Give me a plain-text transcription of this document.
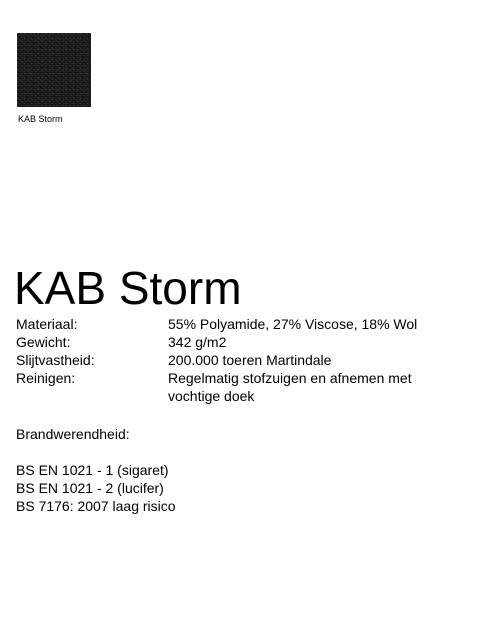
KAB Storm
KAB Storm
Materiaal:	55% Polyamide, 27% Viscose, 18% Wol
Gewicht:	342 g/m2
Slijtvastheid:	200.000 toeren Martindale
Reinigen:	Regelmatig stofzuigen en afnemen met vochtige doek

Brandwerendheid:

BS EN 1021 - 1 (sigaret)
BS EN 1021 - 2 (lucifer)
BS 7176: 2007 laag risico
